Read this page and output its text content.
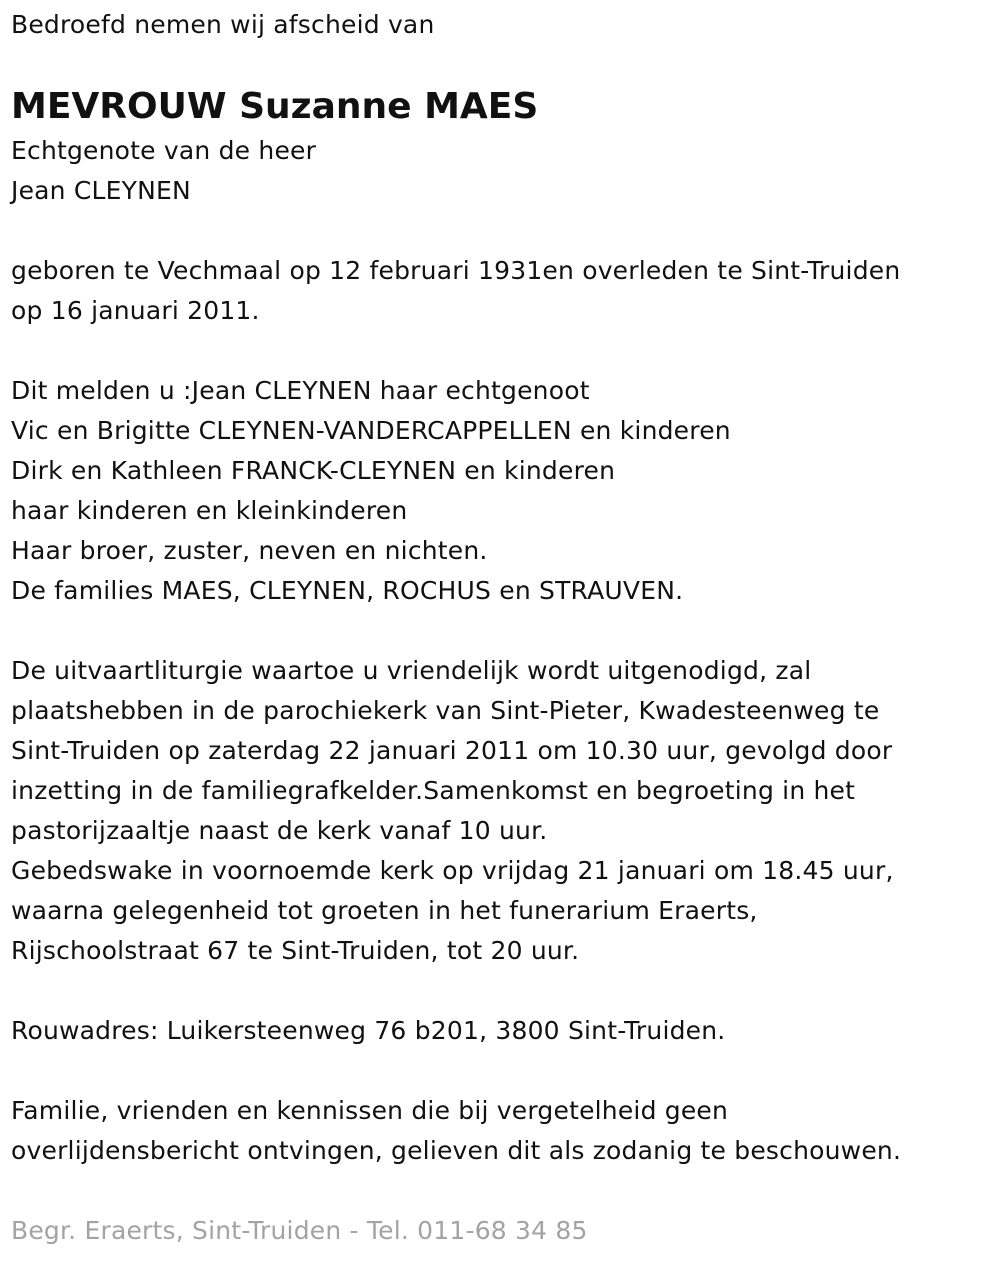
Bedroefd nemen wij afscheid van
MEVROUW Suzanne MAES
Echtgenote van de heer
Jean CLEYNEN
geboren te Vechmaal op 12 februari 1931en overleden te Sint-Truiden
op 16 januari 2011.
Dit melden u :Jean CLEYNEN haar echtgenoot
Vic en Brigitte CLEYNEN-VANDERCAPPELLEN en kinderen
Dirk en Kathleen FRANCK-CLEYNEN en kinderen
haar kinderen en kleinkinderen
Haar broer, zuster, neven en nichten.
De families MAES, CLEYNEN, ROCHUS en STRAUVEN.
De uitvaartliturgie waartoe u vriendelijk wordt uitgenodigd, zal
plaatshebben in de parochiekerk van Sint-Pieter, Kwadesteenweg te
Sint-Truiden op zaterdag 22 januari 2011 om 10.30 uur, gevolgd door
inzetting in de familiegrafkelder.Samenkomst en begroeting in het
pastorijzaaltje naast de kerk vanaf 10 uur.
Gebedswake in voornoemde kerk op vrijdag 21 januari om 18.45 uur,
waarna gelegenheid tot groeten in het funerarium Eraerts,
Rijschoolstraat 67 te Sint-Truiden, tot 20 uur.
Rouwadres: Luikersteenweg 76 b201, 3800 Sint-Truiden.
Familie, vrienden en kennissen die bij vergetelheid geen
overlijdensbericht ontvingen, gelieven dit als zodanig te beschouwen.
Begr. Eraerts, Sint-Truiden - Tel. 011-68 34 85
